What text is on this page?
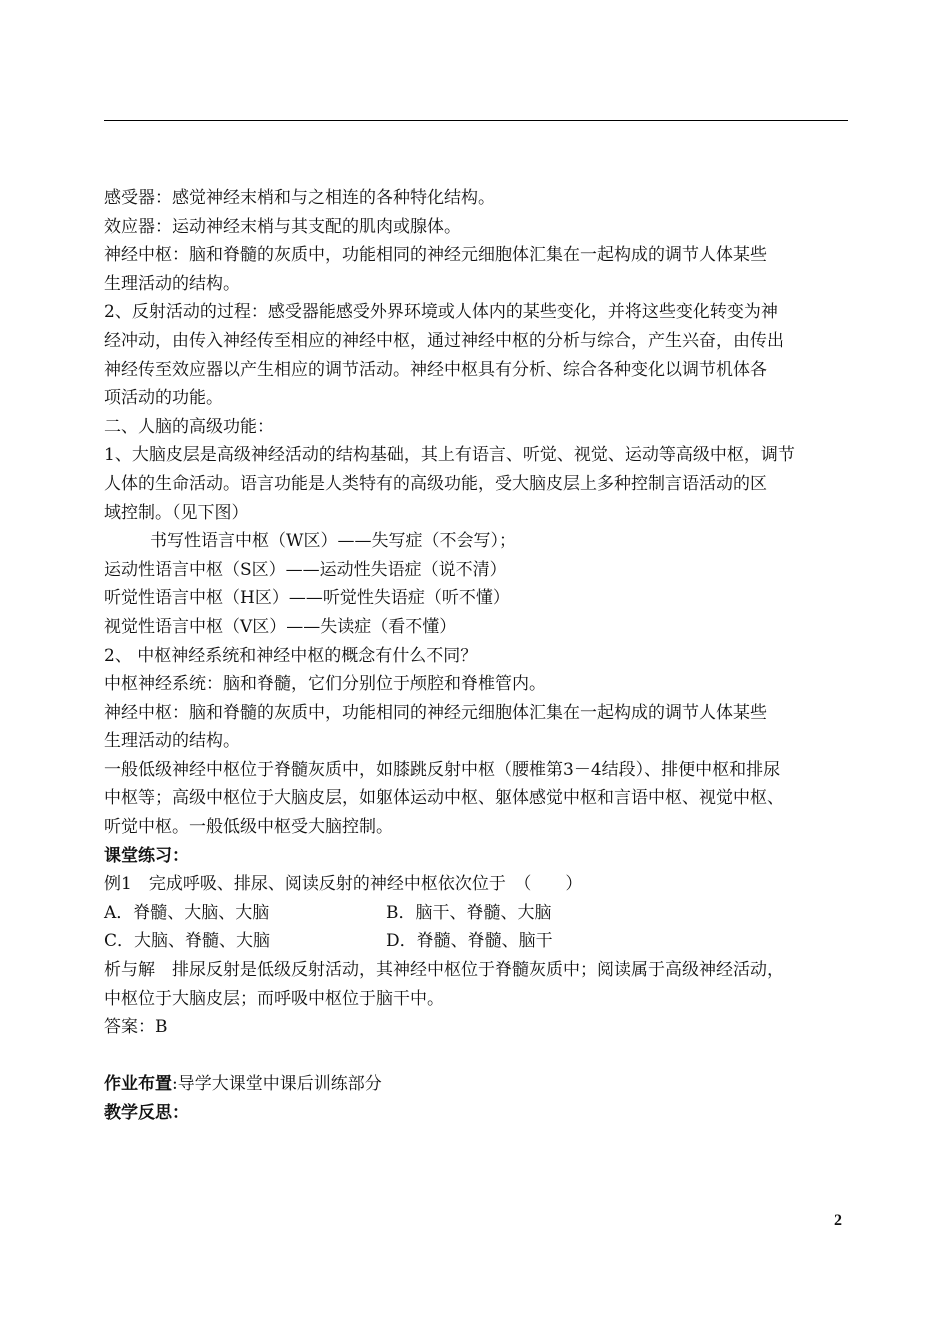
感受器：感觉神经末梢和与之相连的各种特化结构。
效应器：运动神经末梢与其支配的肌肉或腺体。
神经中枢：脑和脊髓的灰质中，功能相同的神经元细胞体汇集在一起构成的调节人体某些
生理活动的结构。
2、反射活动的过程：感受器能感受外界环境或人体内的某些变化，并将这些变化转变为神
经冲动，由传入神经传至相应的神经中枢，通过神经中枢的分析与综合，产生兴奋，由传出
神经传至效应器以产生相应的调节活动。神经中枢具有分析、综合各种变化以调节机体各
项活动的功能。
二、人脑的高级功能：
1、大脑皮层是高级神经活动的结构基础，其上有语言、听觉、视觉、运动等高级中枢，调节
人体的生命活动。语言功能是人类特有的高级功能，受大脑皮层上多种控制言语活动的区
域控制。（见下图）
书写性语言中枢（W区）——失写症（不会写）；
运动性语言中枢（S区）——运动性失语症（说不清）
听觉性语言中枢（H区）——听觉性失语症（听不懂）
视觉性语言中枢（V区）——失读症（看不懂）
2、 中枢神经系统和神经中枢的概念有什么不同？
中枢神经系统：脑和脊髓，它们分别位于颅腔和脊椎管内。
神经中枢：脑和脊髓的灰质中，功能相同的神经元细胞体汇集在一起构成的调节人体某些
生理活动的结构。
一般低级神经中枢位于脊髓灰质中，如膝跳反射中枢（腰椎第3－4结段）、排便中枢和排尿
中枢等；高级中枢位于大脑皮层，如躯体运动中枢、躯体感觉中枢和言语中枢、视觉中枢、
听觉中枢。一般低级中枢受大脑控制。
课堂练习：
例1　完成呼吸、排尿、阅读反射的神经中枢依次位于　（　　）
A．脊髓、大脑、大脑	B．脑干、脊髓、大脑
C．大脑、脊髓、大脑	D．脊髓、脊髓、脑干
析与解　排尿反射是低级反射活动，其神经中枢位于脊髓灰质中；阅读属于高级神经活动，
中枢位于大脑皮层；而呼吸中枢位于脑干中。
答案：B
作业布置:导学大课堂中课后训练部分
教学反思：
2
